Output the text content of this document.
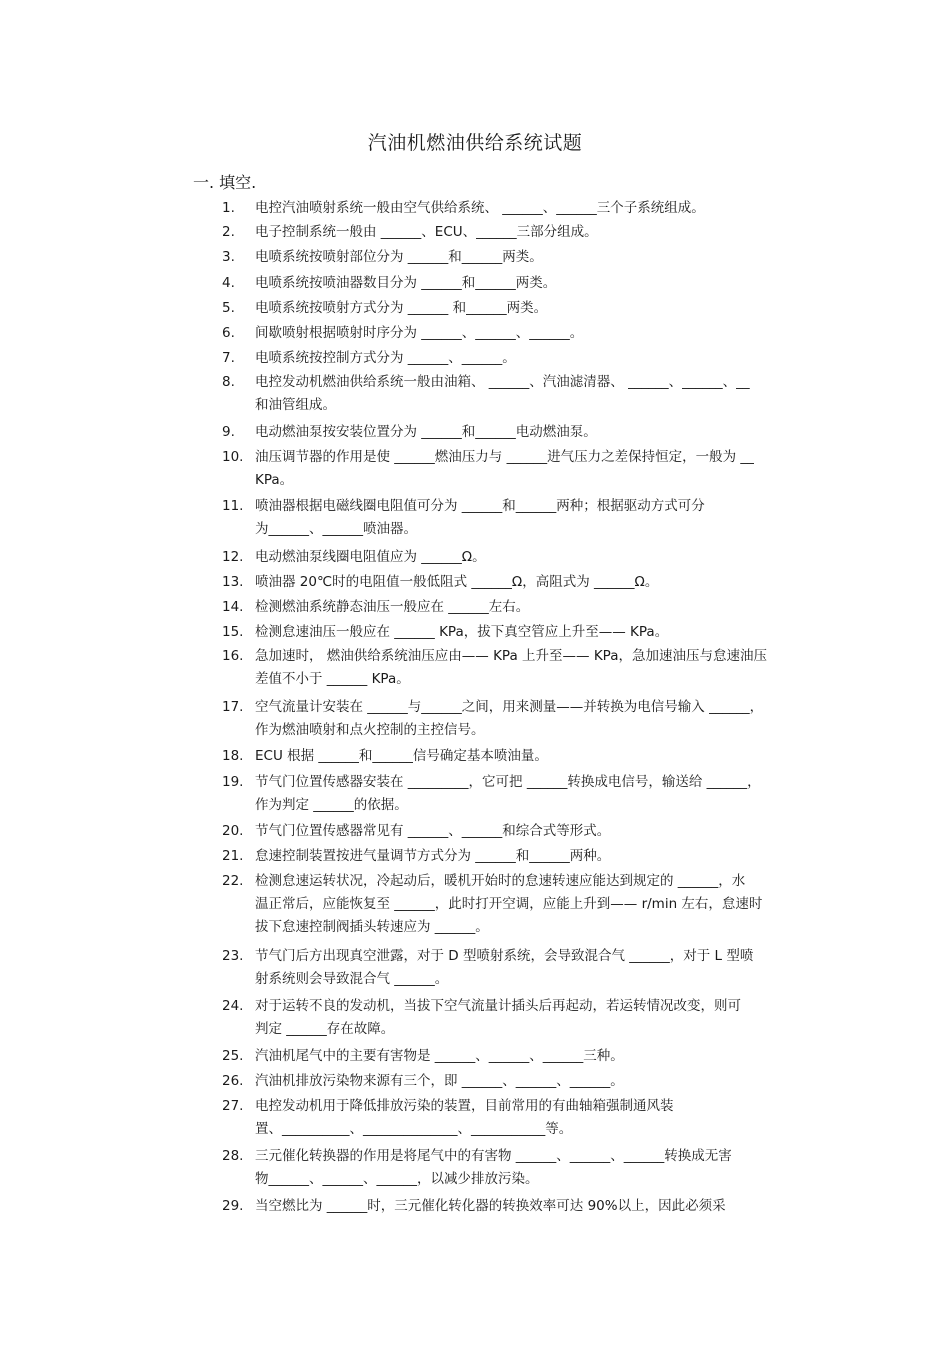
汽油机燃油供给系统试题
一. 填空.
1.	电控汽油喷射系统一般由空气供给系统、 ______、______三个子系统组成。
2.	电子控制系统一般由 ______、ECU、______三部分组成。
3.	电喷系统按喷射部位分为 ______和______两类。
4.	电喷系统按喷油器数目分为 ______和______两类。
5.	电喷系统按喷射方式分为 ______ 和______两类。
6.	间歇喷射根据喷射时序分为 ______、______、______。
7.	电喷系统按控制方式分为 ______、______。
8.	电控发动机燃油供给系统一般由油箱、 ______、汽油滤清器、 ______、______、__
和油管组成。
9.	电动燃油泵按安装位置分为 ______和______电动燃油泵。
10. 油压调节器的作用是使 ______燃油压力与 ______进气压力之差保持恒定，一般为 __
KPa。
11. 喷油器根据电磁线圈电阻值可分为 ______和______两种；根据驱动方式可分
为______、______喷油器。
12. 电动燃油泵线圈电阻值应为 ______Ω。
13. 喷油器 20℃时的电阻值一般低阻式 ______Ω，高阻式为 ______Ω。
14. 检测燃油系统静态油压一般应在 ______左右。
15. 检测怠速油压一般应在 ______ KPa，拔下真空管应上升至—— KPa。
16. 急加速时， 燃油供给系统油压应由—— KPa 上升至—— KPa，急加速油压与怠速油压
差值不小于 ______ KPa。
17. 空气流量计安装在 ______与______之间，用来测量——并转换为电信号输入 ______，
作为燃油喷射和点火控制的主控信号。
18. ECU 根据 ______和______信号确定基本喷油量。
19. 节气门位置传感器安装在 _________，它可把 ______转换成电信号，输送给 ______，
作为判定 ______的依据。
20. 节气门位置传感器常见有 ______、______和综合式等形式。
21. 怠速控制装置按进气量调节方式分为 ______和______两种。
22. 检测怠速运转状况，冷起动后，暖机开始时的怠速转速应能达到规定的 ______，水
温正常后，应能恢复至 ______，此时打开空调，应能上升到—— r/min 左右，怠速时
拔下怠速控制阀插头转速应为 ______。
23. 节气门后方出现真空泄露，对于 D 型喷射系统，会导致混合气 ______，对于 L 型喷
射系统则会导致混合气 ______。
24. 对于运转不良的发动机，当拔下空气流量计插头后再起动，若运转情况改变，则可
判定 ______存在故障。
25. 汽油机尾气中的主要有害物是 ______、______、______三种。
26. 汽油机排放污染物来源有三个，即 ______、______、______。
27. 电控发动机用于降低排放污染的装置，目前常用的有曲轴箱强制通风装
置、__________、______________、___________等。
28. 三元催化转换器的作用是将尾气中的有害物 ______、______、______转换成无害
物______、______、______，以减少排放污染。
29. 当空燃比为 ______时，三元催化转化器的转换效率可达 90%以上，因此必须采
